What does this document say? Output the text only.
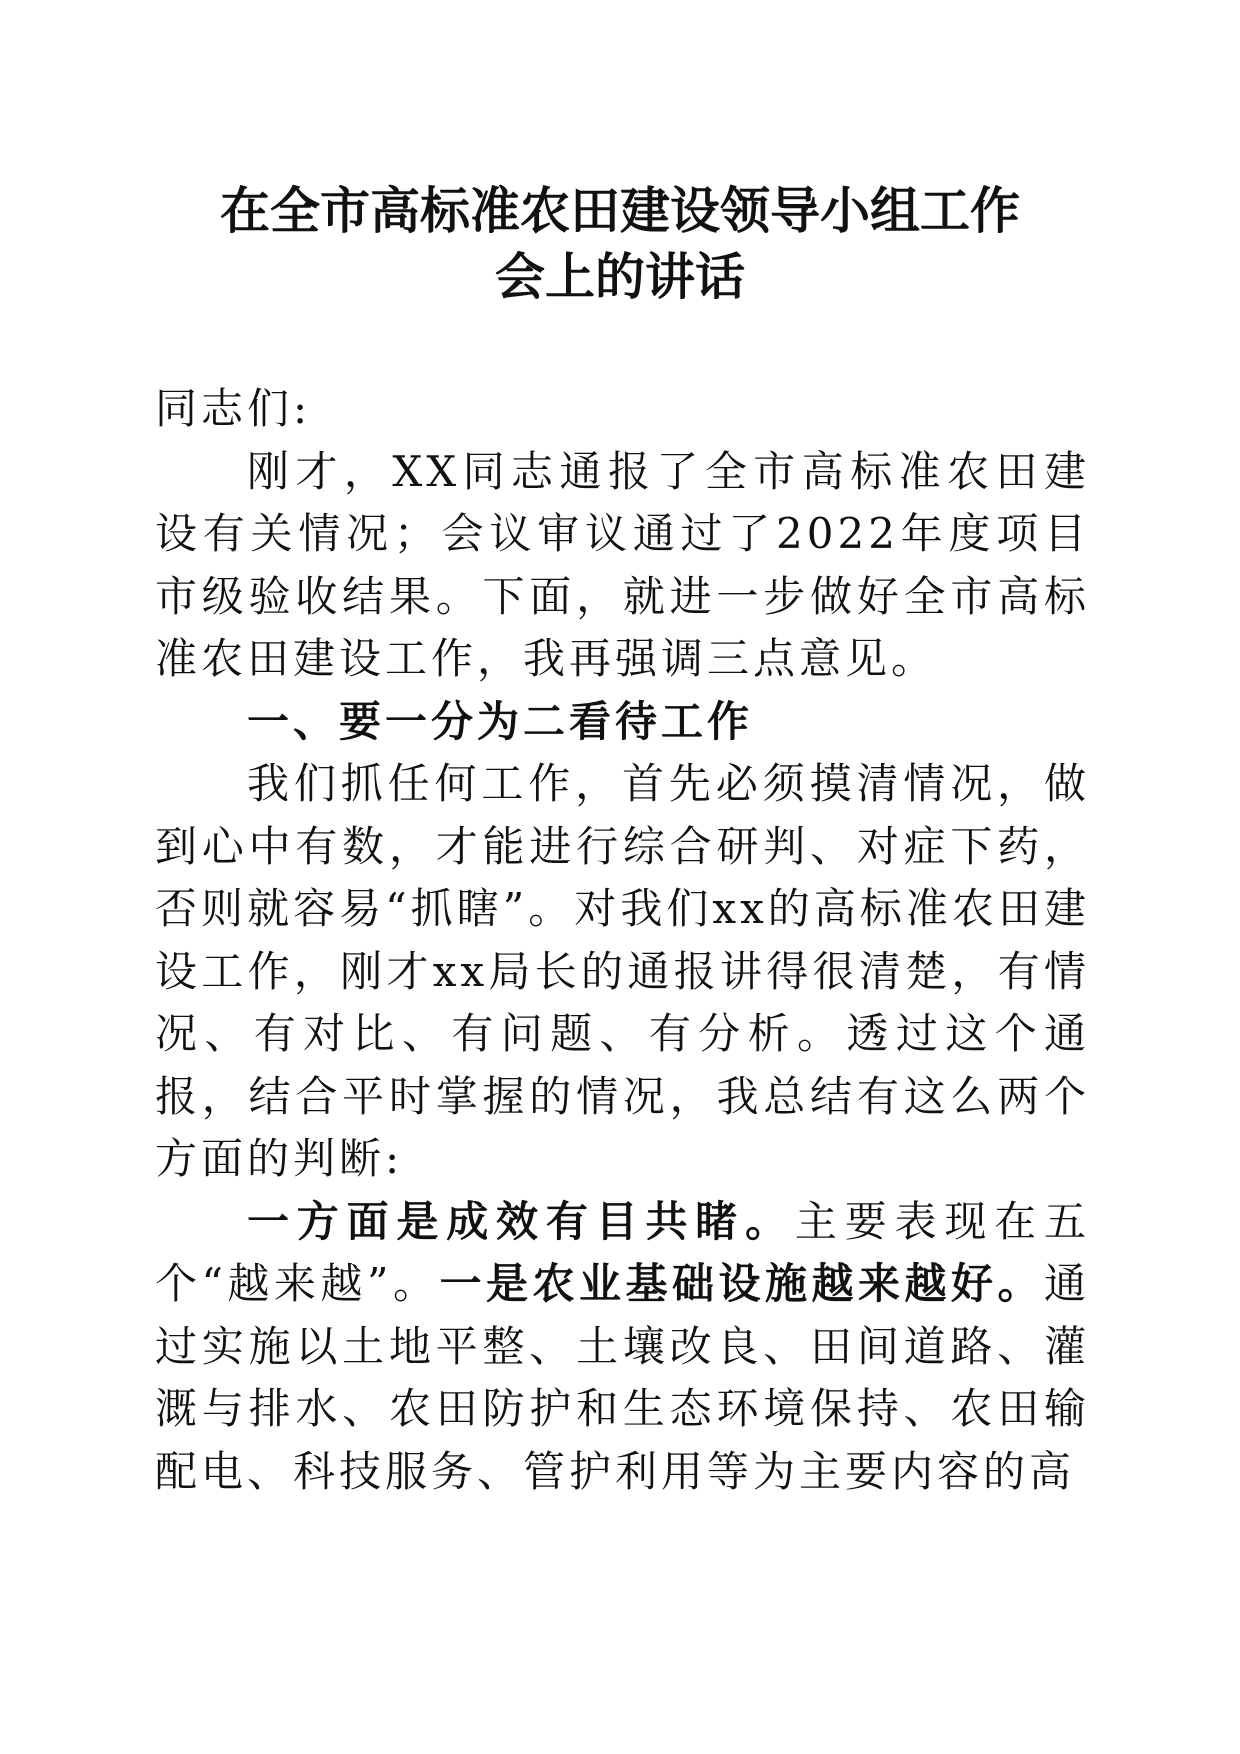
在全市高标准农田建设领导小组工作
会上的讲话

同志们:

刚才，XX同志通报了全市高标准农田建设有关情况；会议审议通过了2022年度项目市级验收结果。下面，就进一步做好全市高标准农田建设工作，我再强调三点意见。

一、要一分为二看待工作

我们抓任何工作，首先必须摸清情况，做到心中有数，才能进行综合研判、对症下药，否则就容易“抓瞎”。对我们xx的高标准农田建设工作，刚才xx局长的通报讲得很清楚，有情况、有对比、有问题、有分析。透过这个通报，结合平时掌握的情况，我总结有这么两个方面的判断:

一方面是成效有目共睹。主要表现在五个“越来越”。一是农业基础设施越来越好。通过实施以土地平整、土壤改良、田间道路、灌溉与排水、农田防护和生态环境保持、农田输配电、科技服务、管护利用等为主要内容的高
